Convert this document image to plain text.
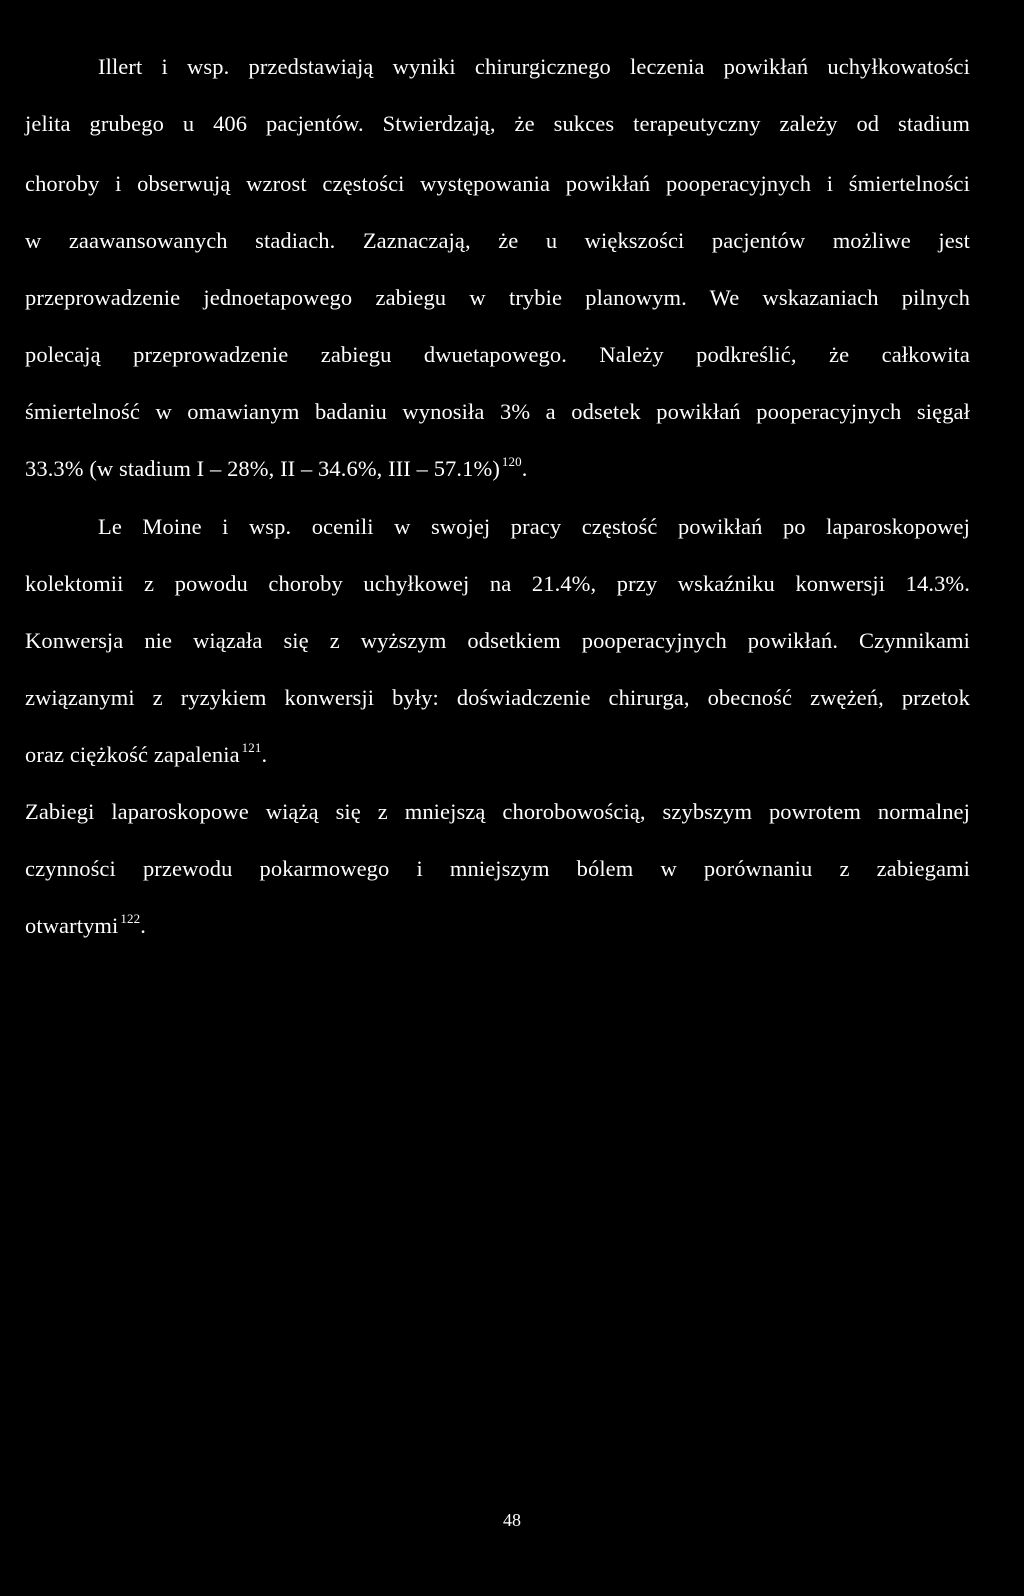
Illert i wsp. przedstawiają wyniki chirurgicznego leczenia powikłań uchyłkowatości
jelita grubego u 406 pacjentów. Stwierdzają, że sukces terapeutyczny zależy od stadium
choroby i obserwują wzrost częstości występowania powikłań pooperacyjnych i śmiertelności
w zaawansowanych stadiach. Zaznaczają, że u większości pacjentów możliwe jest
przeprowadzenie jednoetapowego zabiegu w trybie planowym. We wskazaniach pilnych
polecają przeprowadzenie zabiegu dwuetapowego. Należy podkreślić, że całkowita
śmiertelność w omawianym badaniu wynosiła 3% a odsetek powikłań pooperacyjnych sięgał
33.3% (w stadium I – 28%, II – 34.6%, III – 57.1%) $^{120}$.
Le Moine i wsp. ocenili w swojej pracy częstość powikłań po laparoskopowej
kolektomii z powodu choroby uchyłkowej na 21.4%, przy wskaźniku konwersji 14.3%.
Konwersja nie wiązała się z wyższym odsetkiem pooperacyjnych powikłań. Czynnikami
związanymi z ryzykiem konwersji były: doświadczenie chirurga, obecność zwężeń, przetok
oraz ciężkość zapalenia $^{121}$.
Zabiegi laparoskopowe wiążą się z mniejszą chorobowością, szybszym powrotem normalnej
czynności przewodu pokarmowego i mniejszym bólem w porównaniu z zabiegami
otwartymi $^{122}$.
48
